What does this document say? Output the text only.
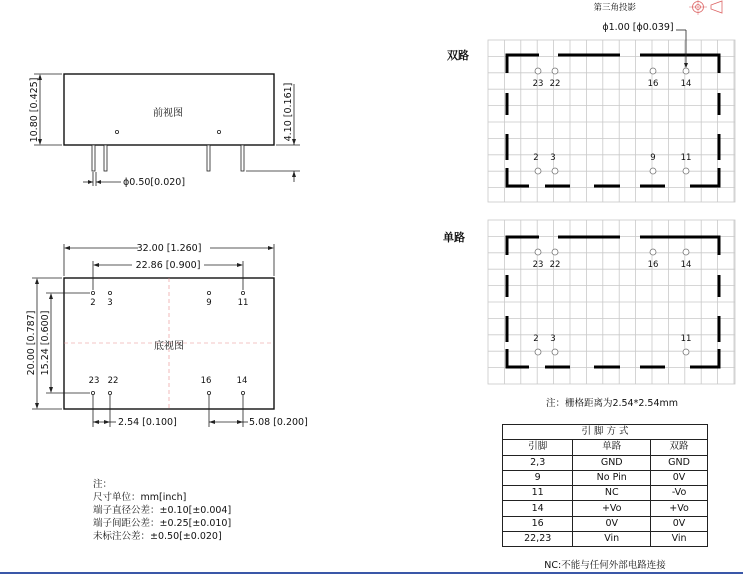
第三角投影
前视图
10.80 [0.425]	4.10 [0.161]
ϕ0.50[0.020]
底视图
2 3	9	11
23 22	16	14
32.00 [1.260]
22.86 [0.900]
20.00 [0.787] 15.24 [0.600]
2.54 [0.100]	5.08 [0.200]
双路
23 22	16	14
2 3	9	11
ϕ1.00 [ϕ0.039]
单路
23 22	16	14
2 3	11
注：栅格距离为2.54*2.54mm
引 脚 方 式		
引脚	单路	双路
2,3	GND	GND
9	No Pin	0V
11	NC	-Vo
14	+Vo	+Vo
16	0V	0V
22,23	Vin	Vin
NC:不能与任何外部电路连接
注：
尺寸单位：mm[inch]
端子直径公差：±0.10[±0.004]
端子间距公差：±0.25[±0.010]
未标注公差：±0.50[±0.020]
